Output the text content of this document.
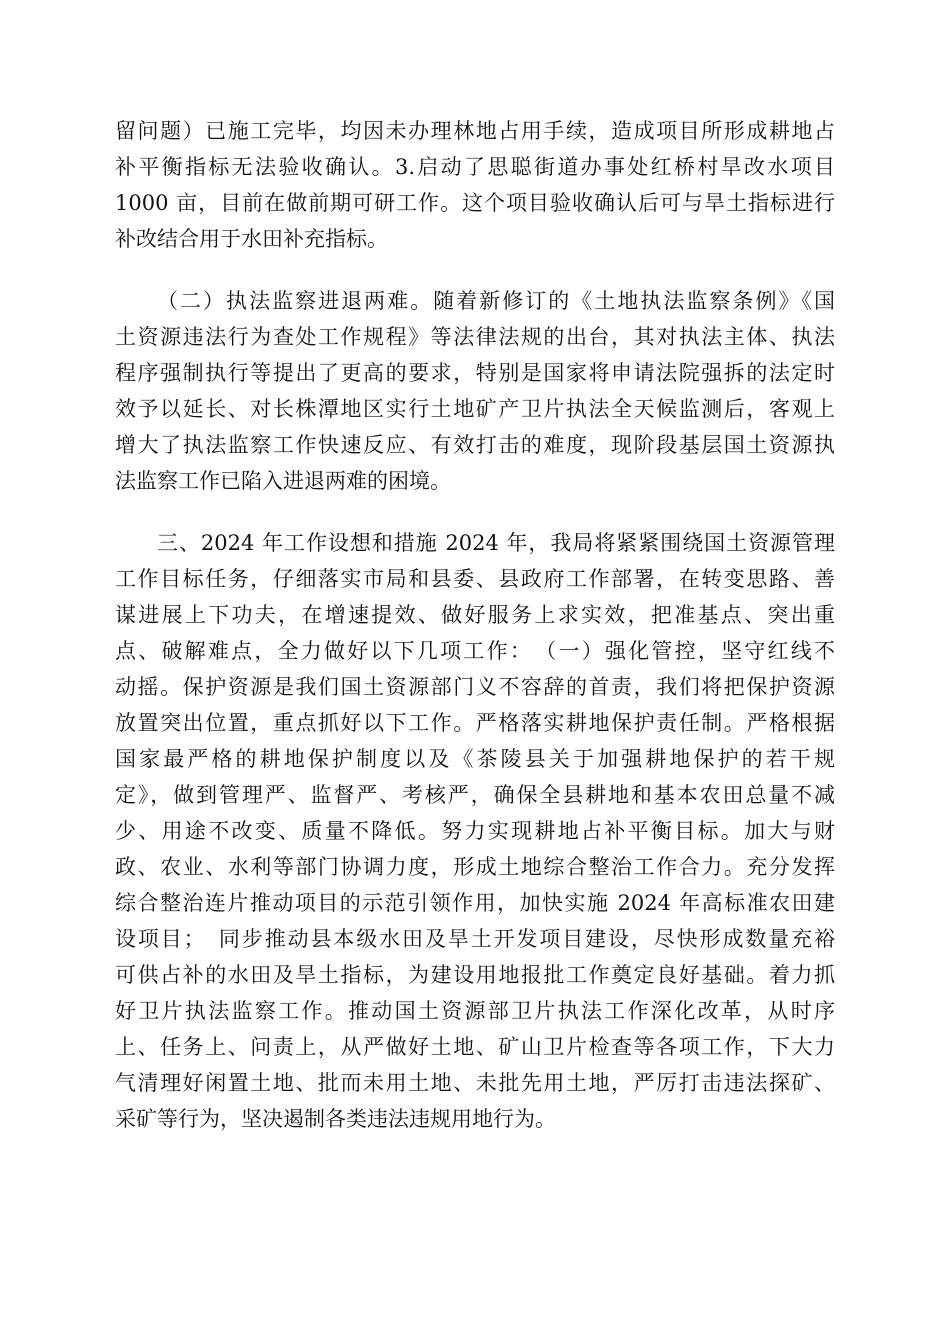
留问题）已施工完毕，均因未办理林地占用手续，造成项目所形成耕地占
补平衡指标无法验收确认。3.启动了思聪街道办事处红桥村旱改水项目
1000 亩，目前在做前期可研工作。这个项目验收确认后可与旱土指标进行
补改结合用于水田补充指标。
（二）执法监察进退两难。随着新修订的《土地执法监察条例》《国
土资源违法行为查处工作规程》等法律法规的出台，其对执法主体、执法
程序强制执行等提出了更高的要求，特别是国家将申请法院强拆的法定时
效予以延长、对长株潭地区实行土地矿产卫片执法全天候监测后，客观上
增大了执法监察工作快速反应、有效打击的难度，现阶段基层国土资源执
法监察工作已陷入进退两难的困境。
三、2024 年工作设想和措施 2024 年，我局将紧紧围绕国土资源管理
工作目标任务，仔细落实市局和县委、县政府工作部署，在转变思路、善
谋进展上下功夫，在增速提效、做好服务上求实效，把准基点、突出重
点、破解难点，全力做好以下几项工作：　（一）强化管控，坚守红线不
动摇。保护资源是我们国土资源部门义不容辞的首责，我们将把保护资源
放置突出位置，重点抓好以下工作。严格落实耕地保护责任制。严格根据
国家最严格的耕地保护制度以及《茶陵县关于加强耕地保护的若干规
定》，做到管理严、监督严、考核严，确保全县耕地和基本农田总量不减
少、用途不改变、质量不降低。努力实现耕地占补平衡目标。加大与财
政、农业、水利等部门协调力度，形成土地综合整治工作合力。充分发挥
综合整治连片推动项目的示范引领作用，加快实施 2024 年高标准农田建
设项目；　同步推动县本级水田及旱土开发项目建设，尽快形成数量充裕
可供占补的水田及旱土指标，为建设用地报批工作奠定良好基础。着力抓
好卫片执法监察工作。推动国土资源部卫片执法工作深化改革，从时序
上、任务上、问责上，从严做好土地、矿山卫片检查等各项工作，下大力
气清理好闲置土地、批而未用土地、未批先用土地，严厉打击违法探矿、
采矿等行为，坚决遏制各类违法违规用地行为。
